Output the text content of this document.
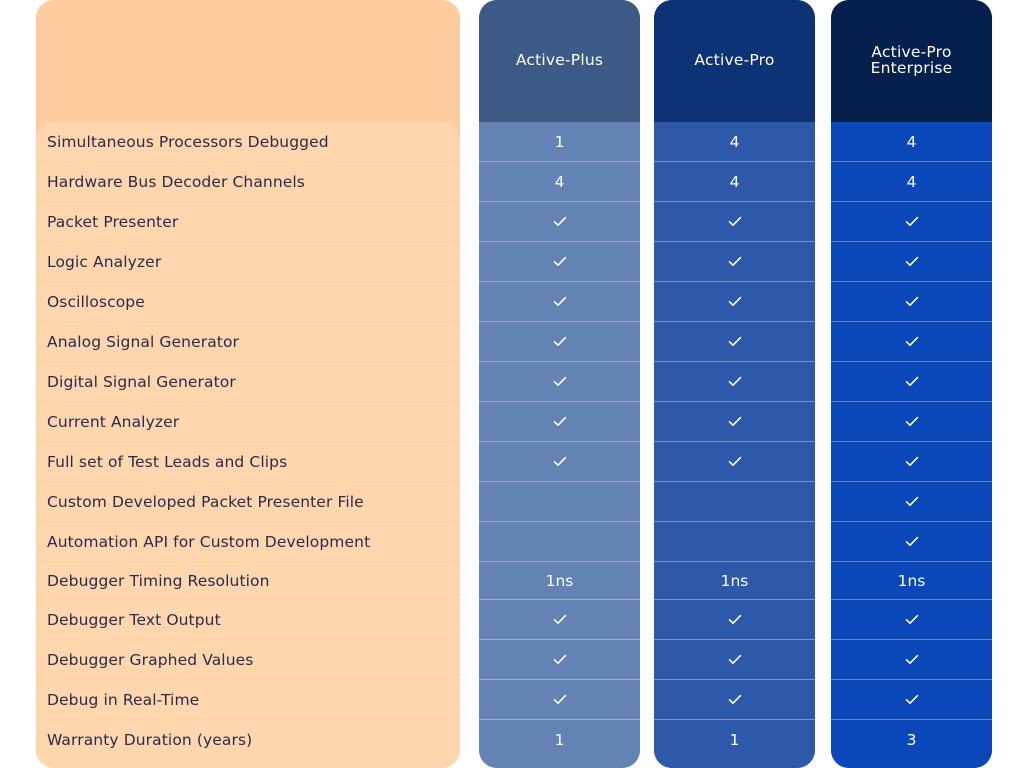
Simultaneous Processors Debugged
Hardware Bus Decoder Channels
Packet Presenter
Logic Analyzer
Oscilloscope
Analog Signal Generator
Digital Signal Generator
Current Analyzer
Full set of Test Leads and Clips
Custom Developed Packet Presenter File
Automation API for Custom Development
Debugger Timing Resolution
Debugger Text Output
Debugger Graphed Values
Debug in Real-Time
Warranty Duration (years)
Active-Plus
1
4
1ns
1
Active-Pro
4
4
1ns
1
Active-Pro
Enterprise
4
4
1ns
3
